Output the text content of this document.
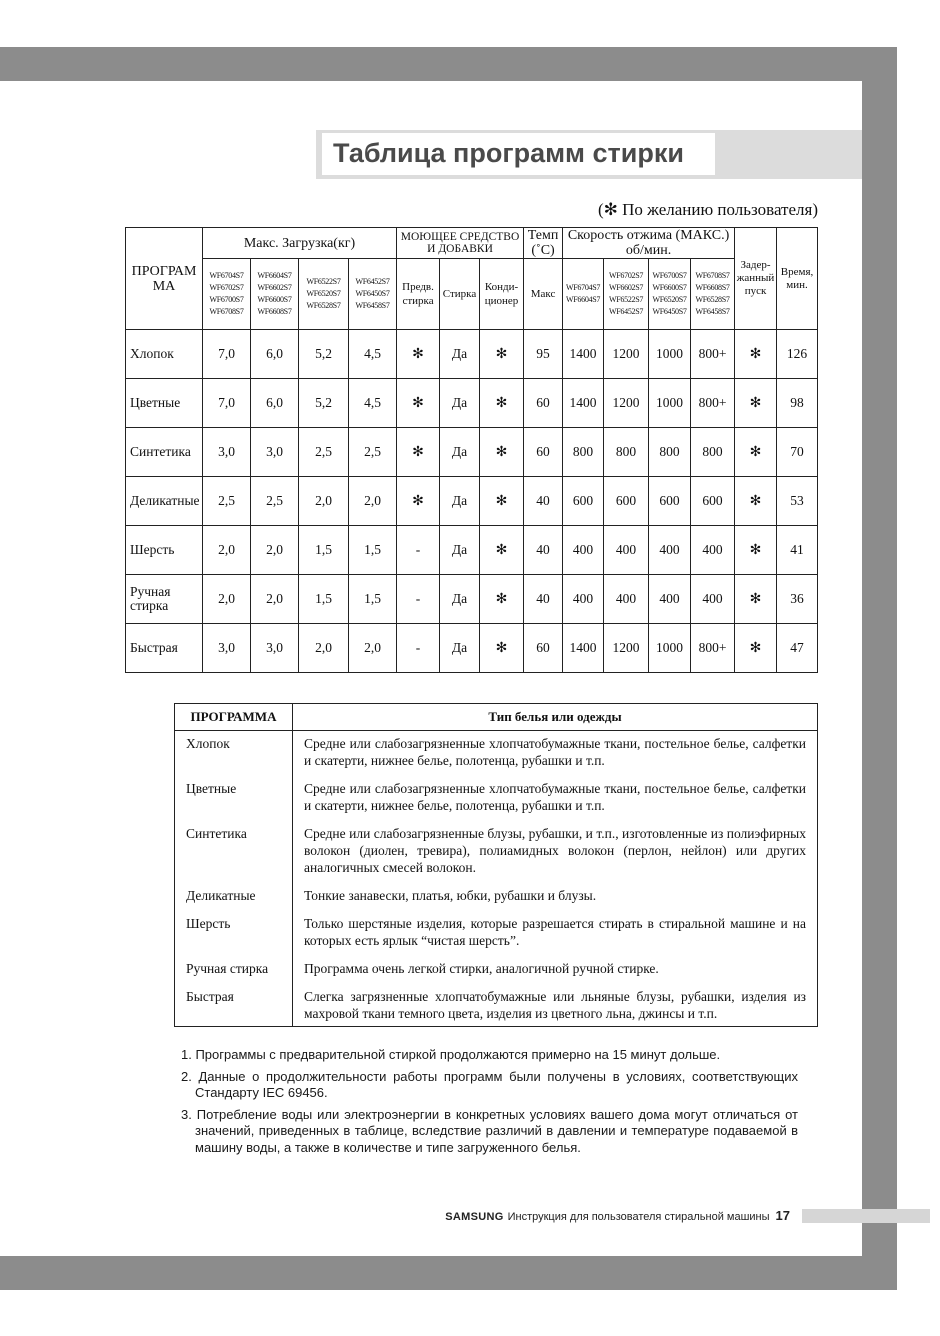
Таблица программ стирки
(✻ По желанию пользователя)
ПРОГРАМ МА	Макс. Загрузка(кг)				МОЮЩЕЕ СРЕДСТВО И ДОБАВКИ			Темп (˚C)	Скорость отжима (МАКС.) об/мин.				Задер-жанный пуск	Время, мин.
	WF6704S7 WF6702S7 WF6700S7 WF6708S7	WF6604S7 WF6602S7 WF6600S7 WF6608S7	WF6522S7 WF6520S7 WF6528S7	WF6452S7 WF6450S7 WF6458S7	Предв. стирка	Стирка	Конди-ционер	Макс	WF6704S7 WF6604S7	WF6702S7 WF6602S7 WF6522S7 WF6452S7	WF6700S7 WF6600S7 WF6520S7 WF6450S7	WF6708S7 WF6608S7 WF6528S7 WF6458S7		
Хлопок	7,0	6,0	5,2	4,5	✻	Да	✻	95	1400	1200	1000	800+	✻	126
Цветные	7,0	6,0	5,2	4,5	✻	Да	✻	60	1400	1200	1000	800+	✻	98
Синтетика	3,0	3,0	2,5	2,5	✻	Да	✻	60	800	800	800	800	✻	70
Деликатные	2,5	2,5	2,0	2,0	✻	Да	✻	40	600	600	600	600	✻	53
Шерсть	2,0	2,0	1,5	1,5	-	Да	✻	40	400	400	400	400	✻	41
Ручная стирка	2,0	2,0	1,5	1,5	-	Да	✻	40	400	400	400	400	✻	36
Быстрая	3,0	3,0	2,0	2,0	-	Да	✻	60	1400	1200	1000	800+	✻	47
ПРОГРАММА	Тип белья или одежды
Хлопок	Средне или слабозагрязненные хлопчатобумажные ткани, постельное белье, салфетки и скатерти, нижнее белье, полотенца, рубашки и т.п.
Цветные	Средне или слабозагрязненные хлопчатобумажные ткани, постельное белье, салфетки и скатерти, нижнее белье, полотенца, рубашки и т.п.
Синтетика	Средне или слабозагрязненные блузы, рубашки, и т.п., изготовленные из полиэфирных волокон (диолен, тревира), полиамидных волокон (перлон, нейлон) или других аналогичных смесей волокон.
Деликатные	Тонкие занавески, платья, юбки, рубашки и блузы.
Шерсть	Только шерстяные изделия, которые разрешается стирать в стиральной машине и на которых есть ярлык “чистая шерсть”.
Ручная стирка	Программа очень легкой стирки, аналогичной ручной стирке.
Быстрая	Слегка загрязненные хлопчатобумажные или льняные блузы, рубашки, изделия из махровой ткани темного цвета, изделия из цветного льна, джинсы и т.п.
1. Программы с предварительной стиркой продолжаются примерно на 15 минут дольше.
2. Данные о продолжительности работы программ были получены в условиях, соответствующих Стандарту IEC 69456.
3. Потребление воды или электроэнергии в конкретных условиях вашего дома могут отличаться от значений, приведенных в таблице, вследствие различий в давлении и температуре подаваемой в машину воды, а также в количестве и типе загруженного белья.
SAMSUNG Инструкция для пользователя стиральной машины 17
